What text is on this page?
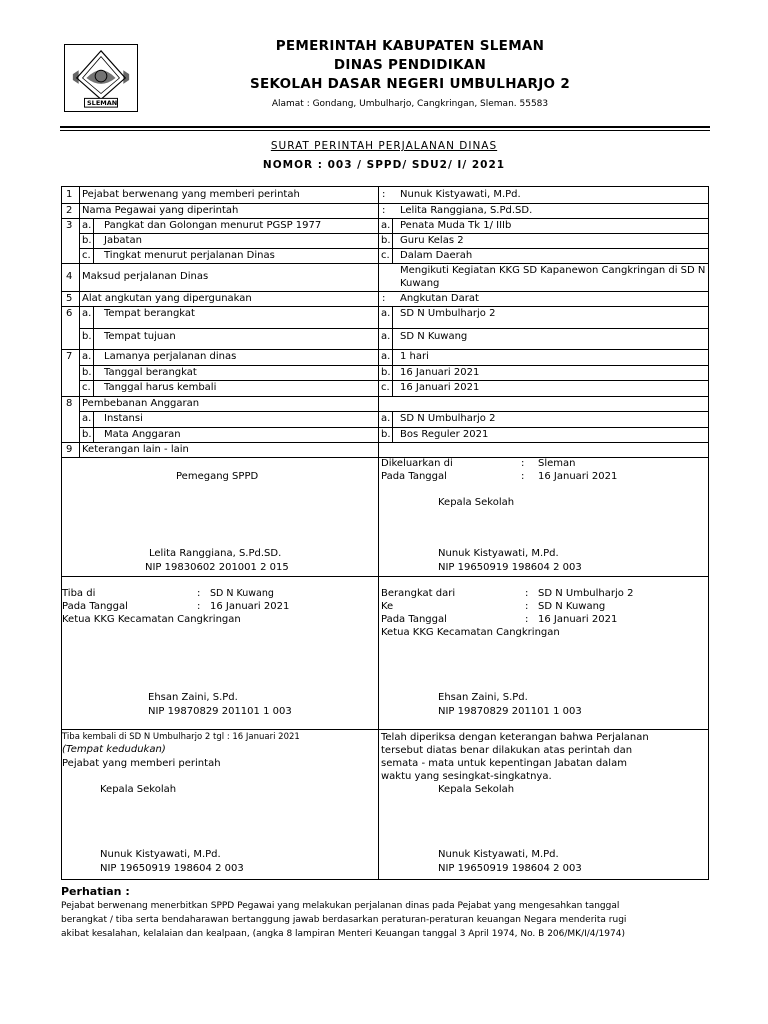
SLEMAN
PEMERINTAH KABUPATEN SLEMAN
DINAS PENDIDIKAN
SEKOLAH DASAR NEGERI UMBULHARJO 2
Alamat : Gondang, Umbulharjo, Cangkringan, Sleman. 55583
SURAT PERINTAH PERJALANAN DINAS
NOMOR : 003 / SPPD/ SDU2/ I/ 2021
1 Pejabat berwenang yang memberi perintah	: Nunuk Kistyawati, M.Pd.
2 Nama Pegawai yang diperintah	: Lelita Ranggiana, S.Pd.SD.
3 a. Pangkat dan Golongan menurut PGSP 1977	a. Penata Muda Tk 1/ IIIb
b. Jabatan	b. Guru Kelas 2
c. Tingkat menurut perjalanan Dinas	c. Dalam Daerah
4 Maksud perjalanan Dinas
Mengikuti Kegiatan KKG SD Kapanewon Cangkringan di SD N
Kuwang
5 Alat angkutan yang dipergunakan	: Angkutan Darat
6 a. Tempat berangkat	a. SD N Umbulharjo 2
b. Tempat tujuan	a. SD N Kuwang
7 a. Lamanya perjalanan dinas	a. 1 hari
b. Tanggal berangkat	b. 16 Januari 2021
c. Tanggal harus kembali	c. 16 Januari 2021
8 Pembebanan Anggaran
a. Instansi	a. SD N Umbulharjo 2
b. Mata Anggaran	b. Bos Reguler 2021
9 Keterangan lain - lain
Pemegang SPPD
Lelita Ranggiana, S.Pd.SD.
NIP 19830602 201001 2 015
Dikeluarkan di	: Sleman
Pada Tanggal	: 16 Januari 2021
Kepala Sekolah
Nunuk Kistyawati, M.Pd.
NIP 19650919 198604 2 003
Tiba di	: SD N Kuwang
Pada Tanggal	: 16 Januari 2021
Ketua KKG Kecamatan Cangkringan
Ehsan Zaini, S.Pd.
NIP 19870829 201101 1 003
Berangkat dari	: SD N Umbulharjo 2
Ke	: SD N Kuwang
Pada Tanggal	: 16 Januari 2021
Ketua KKG Kecamatan Cangkringan
Ehsan Zaini, S.Pd.
NIP 19870829 201101 1 003
Tiba kembali di SD N Umbulharjo 2 tgl : 16 Januari 2021
(Tempat kedudukan)
Pejabat yang memberi perintah
Kepala Sekolah
Nunuk Kistyawati, M.Pd.
NIP 19650919 198604 2 003
Telah diperiksa dengan keterangan bahwa Perjalanan
tersebut diatas benar dilakukan atas perintah dan
semata - mata untuk kepentingan Jabatan dalam
waktu yang sesingkat-singkatnya.
Kepala Sekolah
Nunuk Kistyawati, M.Pd.
NIP 19650919 198604 2 003
Perhatian :
Pejabat berwenang menerbitkan SPPD Pegawai yang melakukan perjalanan dinas pada Pejabat yang mengesahkan tanggal
berangkat / tiba serta bendaharawan bertanggung jawab berdasarkan peraturan-peraturan keuangan Negara menderita rugi
akibat kesalahan, kelalaian dan kealpaan, (angka 8 lampiran Menteri Keuangan tanggal 3 April 1974, No. B 206/MK/I/4/1974)
